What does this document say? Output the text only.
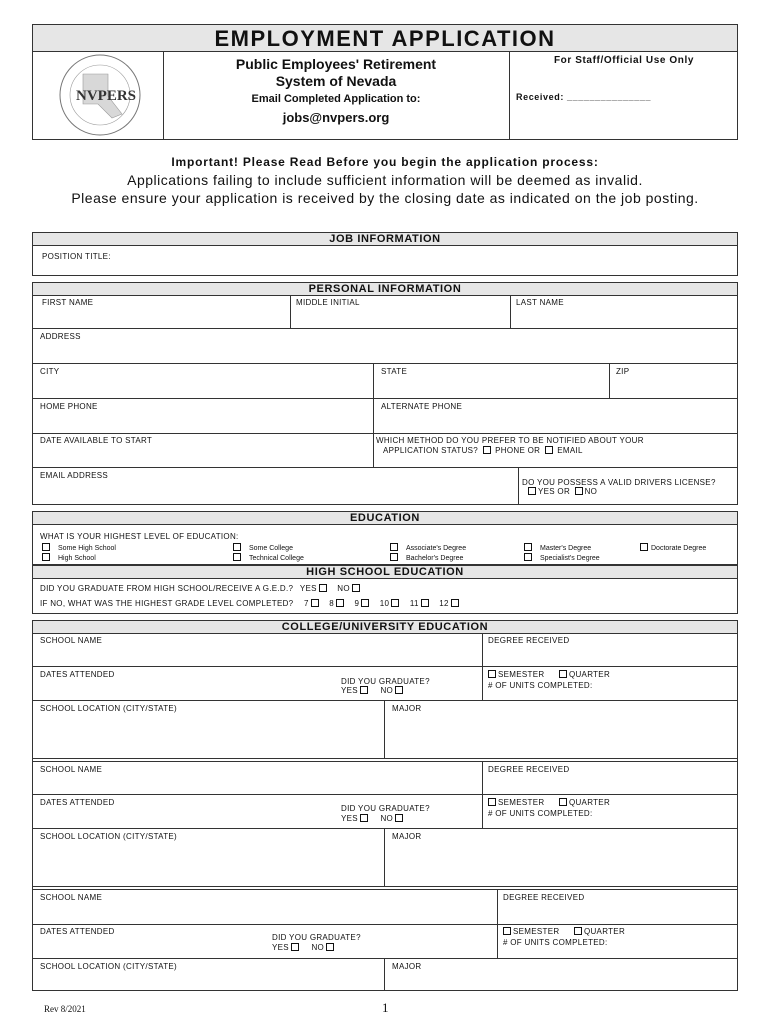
EMPLOYMENT APPLICATION
NVPERS
Public Employees' Retirement
System of Nevada
Email Completed Application to:
jobs@nvpers.org
For Staff/Official Use Only
Received: _______________
Important! Please Read Before you begin the application process:
Applications failing to include sufficient information will be deemed as invalid.
Please ensure your application is received by the closing date as indicated on the job posting.
JOB INFORMATION
POSITION TITLE:
PERSONAL INFORMATION
FIRST NAME	MIDDLE INITIAL	LAST NAME
ADDRESS
CITY	STATE	ZIP
HOME PHONE	ALTERNATE PHONE
DATE AVAILABLE TO START	WHICH METHOD DO YOU PREFER TO BE NOTIFIED ABOUT YOUR
APPLICATION STATUS? PHONE OR EMAIL
EMAIL ADDRESS
DO YOU POSSESS A VALID DRIVERS LICENSE?
YES OR NO
EDUCATION
WHAT IS YOUR HIGHEST LEVEL OF EDUCATION:
Some High School
High School
Some College
Technical College
Associate's Degree
Bachelor's Degree
Master's Degree
Specialist's Degree
Doctorate Degree
HIGH SCHOOL EDUCATION
DID YOU GRADUATE FROM HIGH SCHOOL/RECEIVE A G.E.D.? YES	NO
IF NO, WHAT WAS THE HIGHEST GRADE LEVEL COMPLETED? 7	8	9	10	11	12
COLLEGE/UNIVERSITY EDUCATION
SCHOOL NAME	DEGREE RECEIVED
DATES ATTENDED
DID YOU GRADUATE?
YES	NO
SEMESTER	QUARTER
# OF UNITS COMPLETED:
SCHOOL LOCATION (CITY/STATE)	MAJOR
SCHOOL NAME	DEGREE RECEIVED
DATES ATTENDED
DID YOU GRADUATE?
YES	NO
SEMESTER	QUARTER
# OF UNITS COMPLETED:
SCHOOL LOCATION (CITY/STATE)	MAJOR
SCHOOL NAME	DEGREE RECEIVED
DATES ATTENDED
DID YOU GRADUATE?
YES	NO
SEMESTER	QUARTER
# OF UNITS COMPLETED:
SCHOOL LOCATION (CITY/STATE)	MAJOR
Rev 8/2021	1
